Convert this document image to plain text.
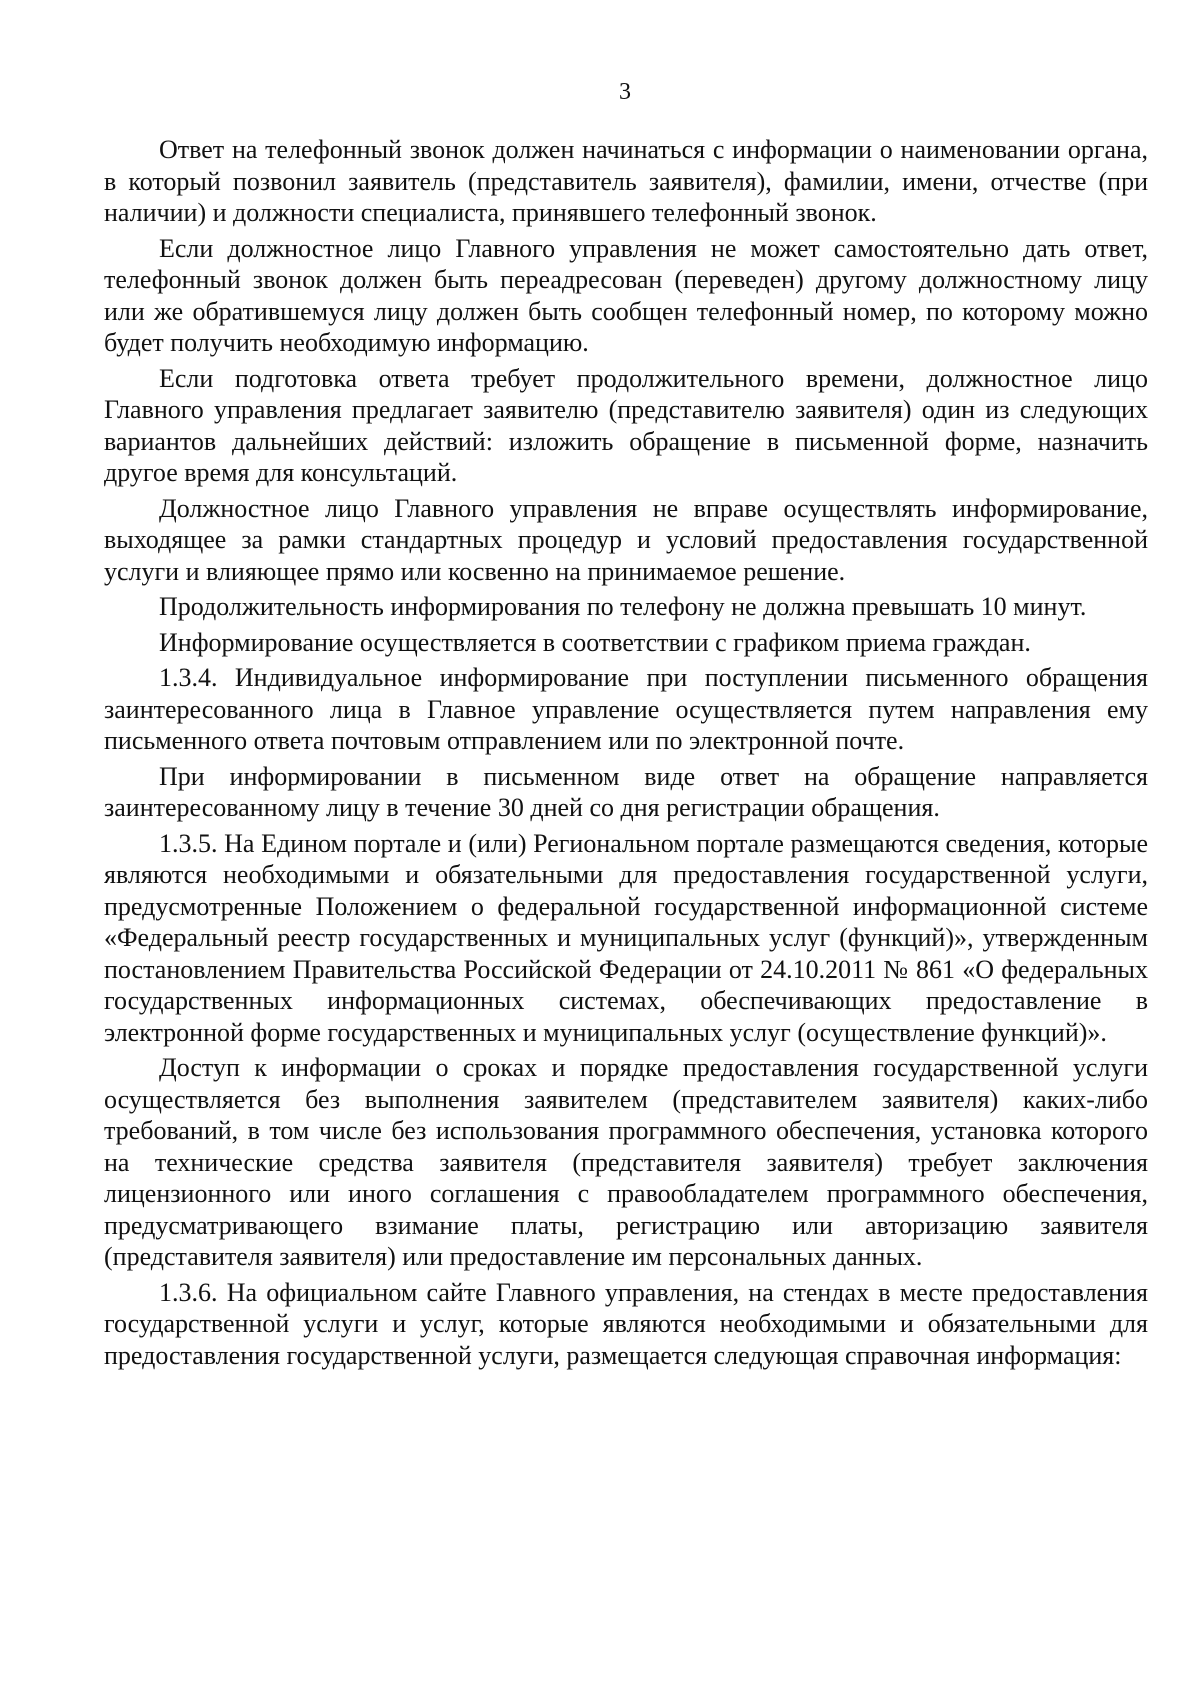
3

Ответ на телефонный звонок должен начинаться с информации о наименовании органа, в который позвонил заявитель (представитель заявителя), фамилии, имени, отчестве (при наличии) и должности специалиста, принявшего телефонный звонок.

Если должностное лицо Главного управления не может самостоятельно дать ответ, телефонный звонок должен быть переадресован (переведен) другому должностному лицу или же обратившемуся лицу должен быть сообщен телефонный номер, по которому можно будет получить необходимую информацию.

Если подготовка ответа требует продолжительного времени, должностное лицо Главного управления предлагает заявителю (представителю заявителя) один из следующих вариантов дальнейших действий: изложить обращение в письменной форме, назначить другое время для консультаций.

Должностное лицо Главного управления не вправе осуществлять информирование, выходящее за рамки стандартных процедур и условий предоставления государственной услуги и влияющее прямо или косвенно на принимаемое решение.

Продолжительность информирования по телефону не должна превышать 10 минут.

Информирование осуществляется в соответствии с графиком приема граждан.

1.3.4. Индивидуальное информирование при поступлении письменного обращения заинтересованного лица в Главное управление осуществляется путем направления ему письменного ответа почтовым отправлением или по электронной почте.

При информировании в письменном виде ответ на обращение направляется заинтересованному лицу в течение 30 дней со дня регистрации обращения.

1.3.5. На Едином портале и (или) Региональном портале размещаются сведения, которые являются необходимыми и обязательными для предоставления государственной услуги, предусмотренные Положением о федеральной государственной информационной системе «Федеральный реестр государственных и муниципальных услуг (функций)», утвержденным постановлением Правительства Российской Федерации от 24.10.2011 № 861 «О федеральных государственных информационных системах, обеспечивающих предоставление в электронной форме государственных и муниципальных услуг (осуществление функций)».

Доступ к информации о сроках и порядке предоставления государственной услуги осуществляется без выполнения заявителем (представителем заявителя) каких-либо требований, в том числе без использования программного обеспечения, установка которого на технические средства заявителя (представителя заявителя) требует заключения лицензионного или иного соглашения с правообладателем программного обеспечения, предусматривающего взимание платы, регистрацию или авторизацию заявителя (представителя заявителя) или предоставление им персональных данных.

1.3.6. На официальном сайте Главного управления, на стендах в месте предоставления государственной услуги и услуг, которые являются необходимыми и обязательными для предоставления государственной услуги, размещается следующая справочная информация:
